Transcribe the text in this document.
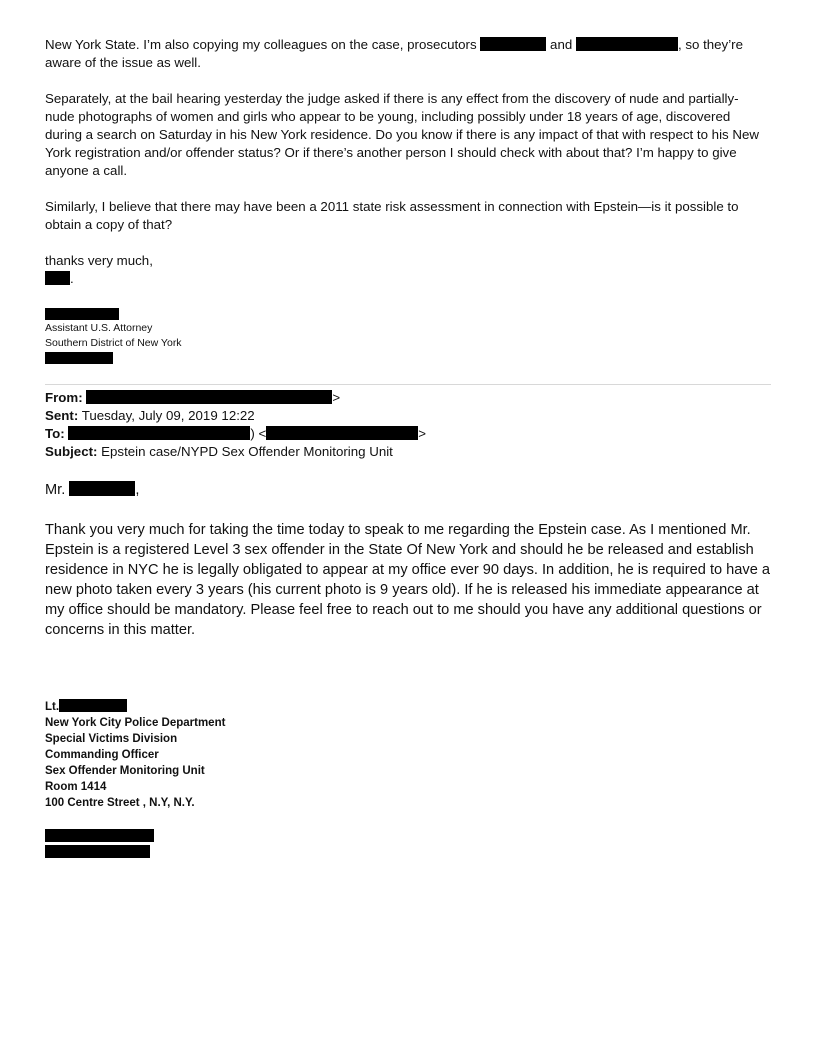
New York State. I’m also copying my colleagues on the case, prosecutors	and	, so they’re

aware of the issue as well.

Separately, at the bail hearing yesterday the judge asked if there is any effect from the discovery of nude and partially-

nude photographs of women and girls who appear to be young, including possibly under 18 years of age, discovered

during a search on Saturday in his New York residence. Do you know if there is any impact of that with respect to his New

York registration and/or offender status? Or if there’s another person I should check with about that? I’m happy to give

anyone a call.

Similarly, I believe that there may have been a 2011 state risk assessment in connection with Epstein—is it possible to

obtain a copy of that?

thanks very much,

.

Assistant U.S. Attorney

Southern District of New York

From:	>

Sent: Tuesday, July 09, 2019 12:22

To:	) <	>

Subject: Epstein case/NYPD Sex Offender Monitoring Unit

Mr.	,

Thank you very much for taking the time today to speak to me regarding the Epstein case. As I mentioned Mr.

Epstein is a registered Level 3 sex offender in the State Of New York and should he be released and establish

residence in NYC he is legally obligated to appear at my office ever 90 days. In addition, he is required to have a

new photo taken every 3 years (his current photo is 9 years old). If he is released his immediate appearance at

my office should be mandatory. Please feel free to reach out to me should you have any additional questions or

concerns in this matter.

Lt.

New York City Police Department

Special Victims Division

Commanding Officer

Sex Offender Monitoring Unit

Room 1414

100 Centre Street , N.Y, N.Y.
